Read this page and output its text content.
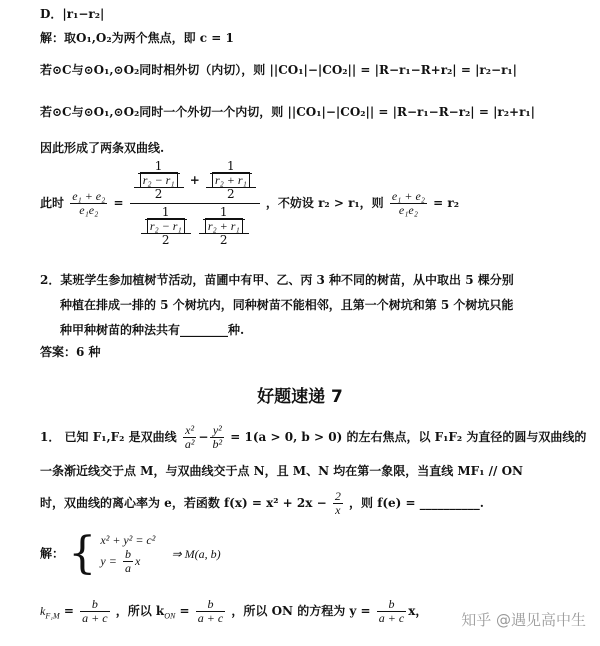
D．|r₁−r₂|
解：取O₁,O₂为两个焦点，即 c = 1
若⊙C与⊙O₁,⊙O₂同时相外切（内切），则 ||CO₁|−|CO₂|| = |R−r₁−R+r₂| = |r₂−r₁|
若⊙C与⊙O₁,⊙O₂同时一个外切一个内切，则 ||CO₁|−|CO₂|| = |R−r₁−R−r₂| = |r₂+r₁|
因此形成了两条双曲线.
此时 $\frac{\text{e₁ + e₂}}{\text{e₁e₂}}$ =
$\frac{\frac{1}{\text{r₂ − r₁}}}{2} + \frac{\frac{1}{\text{r₂ + r₁}}}{2}$
$\frac{\frac{1}{\text{r₂ − r₁}}}{2}$
$\frac{\frac{1}{\text{r₂ + r₁}}}{2}$
，不妨设 r₂ > r₁，则 $\frac{\text{e₁ + e₂}}{\text{e₁e₂}} = r_2$
2．某班学生参加植树节活动，苗圃中有甲、乙、丙 3 种不同的树苗，从中取出 5 棵分别
种植在排成一排的 5 个树坑内，同种树苗不能相邻，且第一个树坑和第 5 个树坑只能
种甲种树苗的种法共有________种.
答案：6 种
好题速递 7
1． 已知 F₁,F₂ 是双曲线 $\frac{\text{x²}}{\text{a²}} - \frac{\text{y²}}{\text{b²}} = 1(a > 0$, b > 0) 的左右焦点，以 F₁F₂ 为直径的圆与双曲线的
一条渐近线交于点 M，与双曲线交于点 N，且 M、N 均在第一象限，当直线 MF₁ // ON
时，双曲线的离心率为 e，若函数 $f(x) = x^2 + 2x - \frac{2}{x}$ ，则 f(e) = __________.
解： { x² + y² = c²
$y = \frac{b}{a}$ x
⇒ M(a, b)
$k_{F_1M} = \frac{b}{a + c}$ ，所以 $k_{ON} = \frac{b}{a + c}$ ，所以 ON 的方程为 $y = \frac{b}{a + c}$ x， 知乎 @遇见高中生
